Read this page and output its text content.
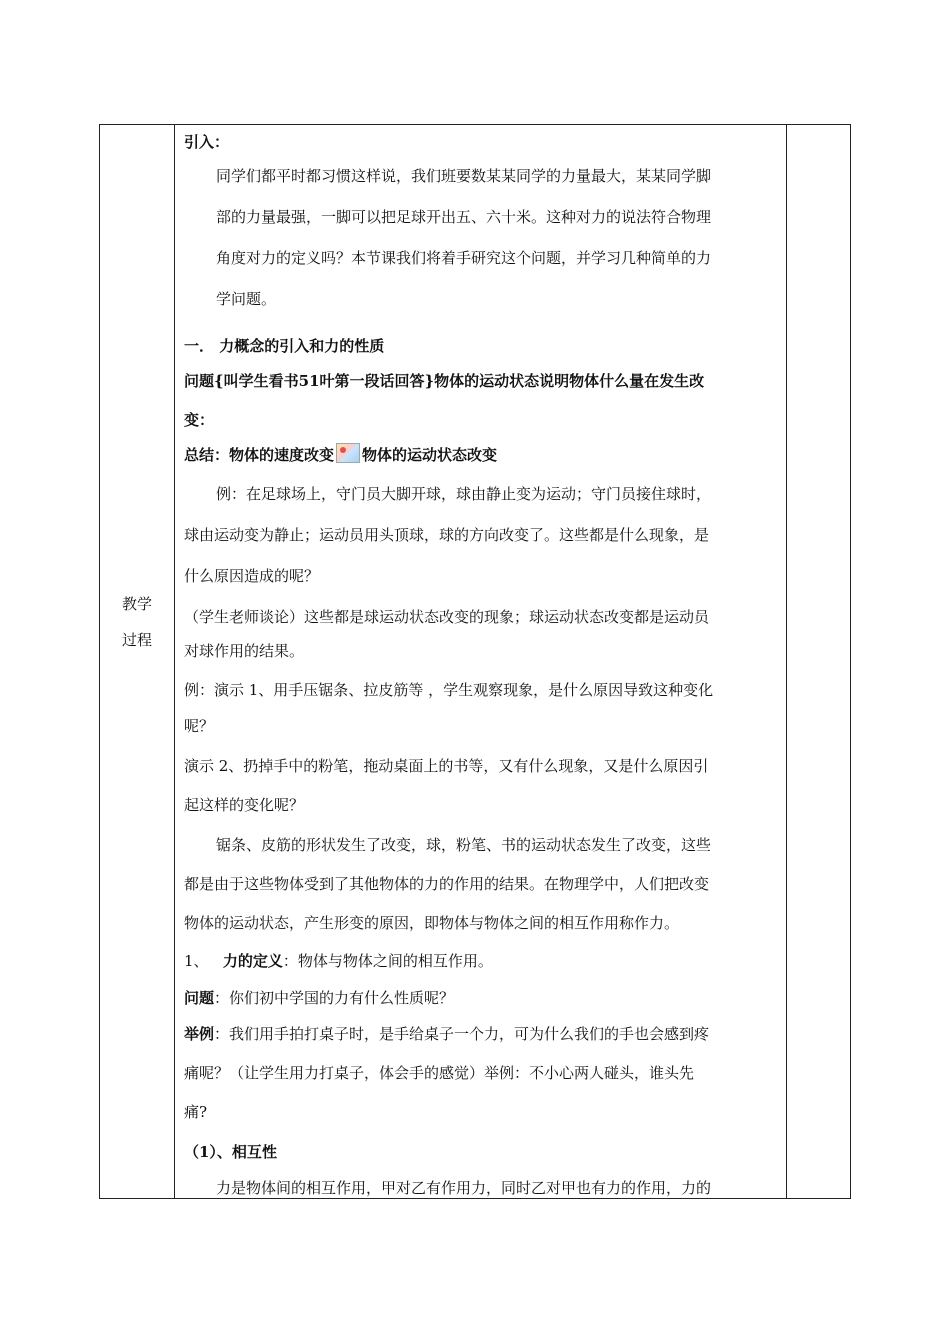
教学
过程
引入：
同学们都平时都习惯这样说，我们班要数某某同学的力量最大，某某同学脚
部的力量最强，一脚可以把足球开出五、六十米。这种对力的说法符合物理
角度对力的定义吗？本节课我们将着手研究这个问题，并学习几种简单的力
学问题。
一． 力概念的引入和力的性质
问题{叫学生看书51叶第一段话回答}物体的运动状态说明物体什么量在发生改
变：
总结：物体的速度改变 物体的运动状态改变
例：在足球场上，守门员大脚开球，球由静止变为运动；守门员接住球时，
球由运动变为静止；运动员用头顶球，球的方向改变了。这些都是什么现象，是
什么原因造成的呢？
（学生老师谈论）这些都是球运动状态改变的现象；球运动状态改变都是运动员
对球作用的结果。
例：演示 1、用手压锯条、拉皮筋等 ，学生观察现象，是什么原因导致这种变化
呢？
演示 2、扔掉手中的粉笔，拖动桌面上的书等，又有什么现象，又是什么原因引
起这样的变化呢？
锯条、皮筋的形状发生了改变，球，粉笔、书的运动状态发生了改变，这些
都是由于这些物体受到了其他物体的力的作用的结果。在物理学中，人们把改变
物体的运动状态，产生形变的原因，即物体与物体之间的相互作用称作力。
1、 力的定义：物体与物体之间的相互作用。
问题：你们初中学国的力有什么性质呢？
举例：我们用手拍打桌子时，是手给桌子一个力，可为什么我们的手也会感到疼
痛呢？（让学生用力打桌子，体会手的感觉）举例：不小心两人碰头，谁头先
痛?
（1）、相互性
力是物体间的相互作用，甲对乙有作用力，同时乙对甲也有力的作用，力的
